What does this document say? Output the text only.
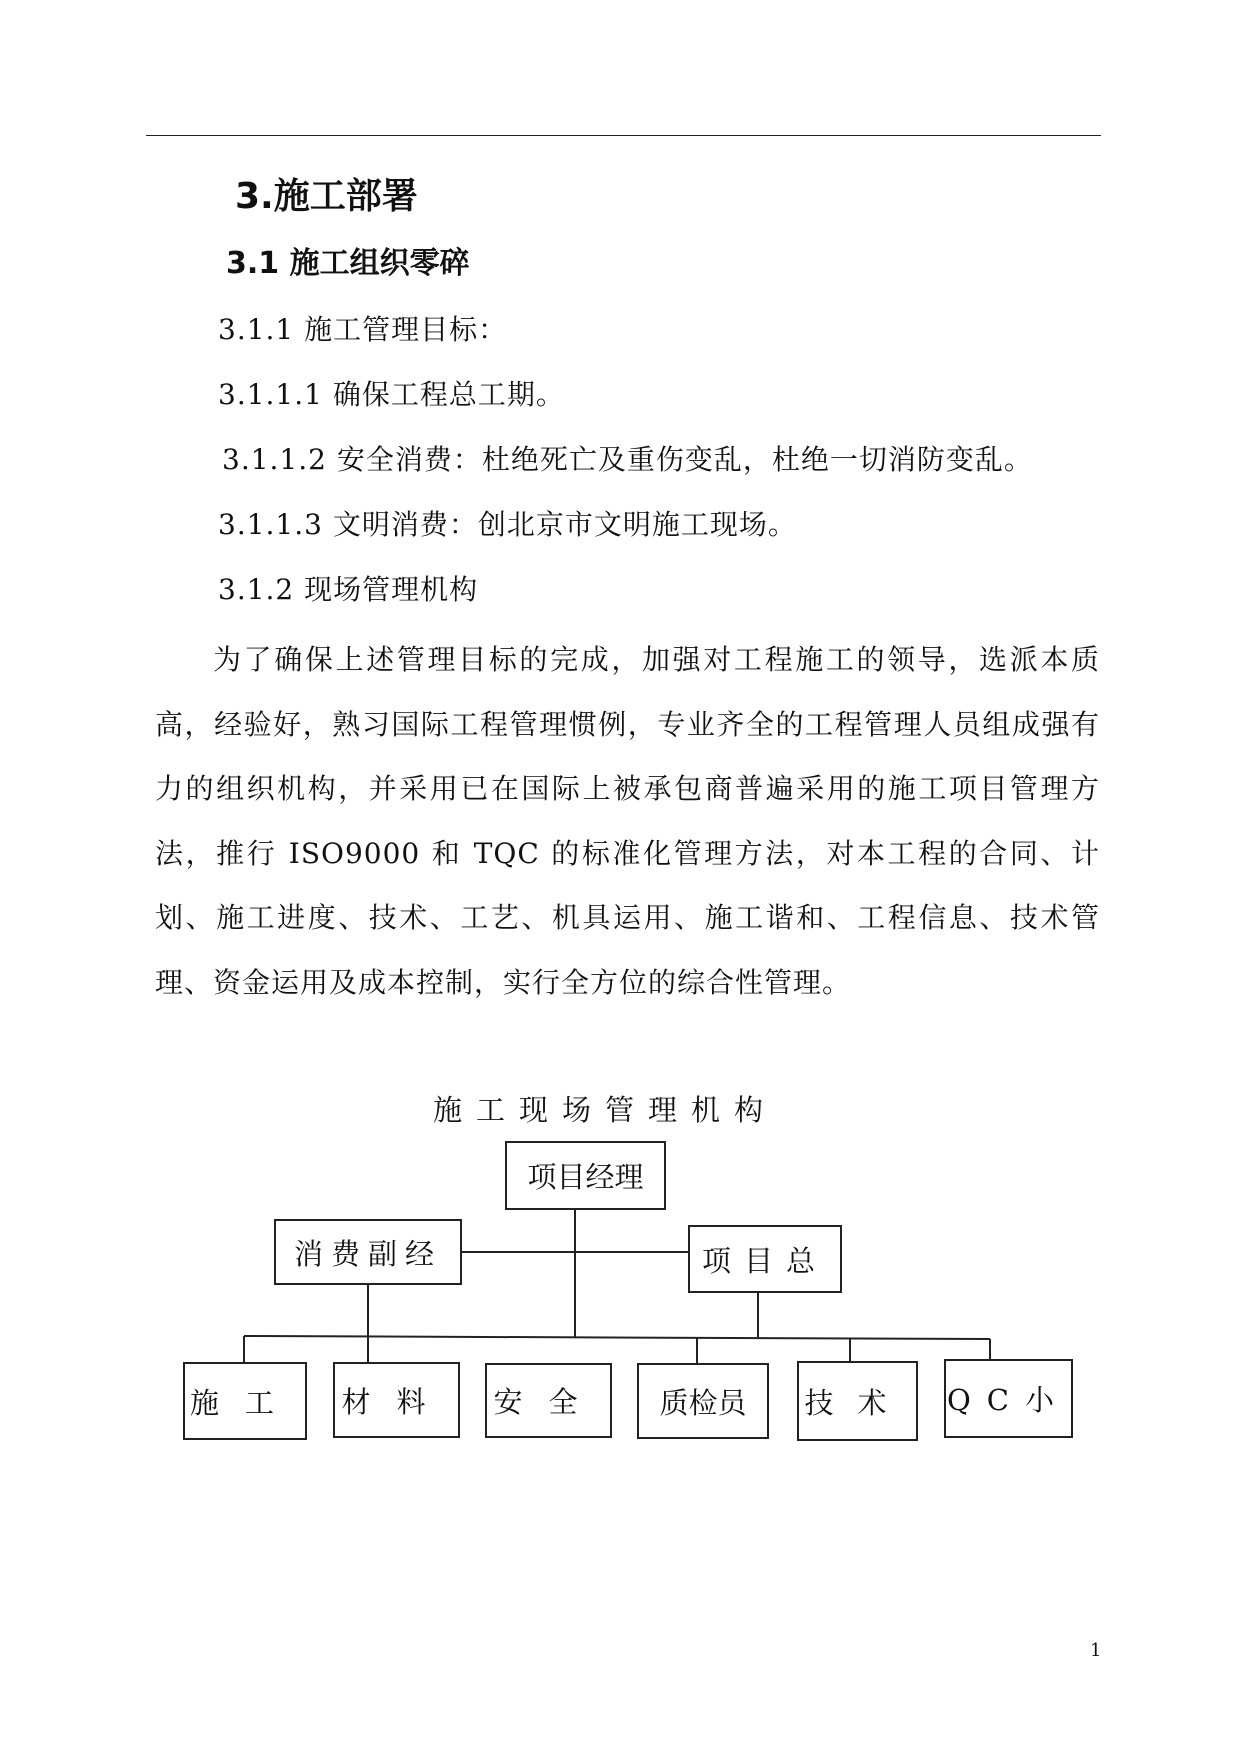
3.施工部署
3.1 施工组织零碎
3.1.1 施工管理目标：
3.1.1.1 确保工程总工期。
3.1.1.2 安全消费：杜绝死亡及重伤变乱，杜绝一切消防变乱。
3.1.1.3 文明消费：创北京市文明施工现场。
3.1.2 现场管理机构
为了确保上述管理目标的完成，加强对工程施工的领导，选派本质高，经验好，熟习国际工程管理惯例，专业齐全的工程管理人员组成强有力的组织机构，并采用已在国际上被承包商普遍采用的施工项目管理方法，推行 ISO9000 和 TQC 的标准化管理方法，对本工程的合同、计划、施工进度、技术、工艺、机具运用、施工谐和、工程信息、技术管理、资金运用及成本控制，实行全方位的综合性管理。
施工现场管理机构
项目经理
消费副经	项目总
施工 材料 安全 质检员 技术 QC小
1
